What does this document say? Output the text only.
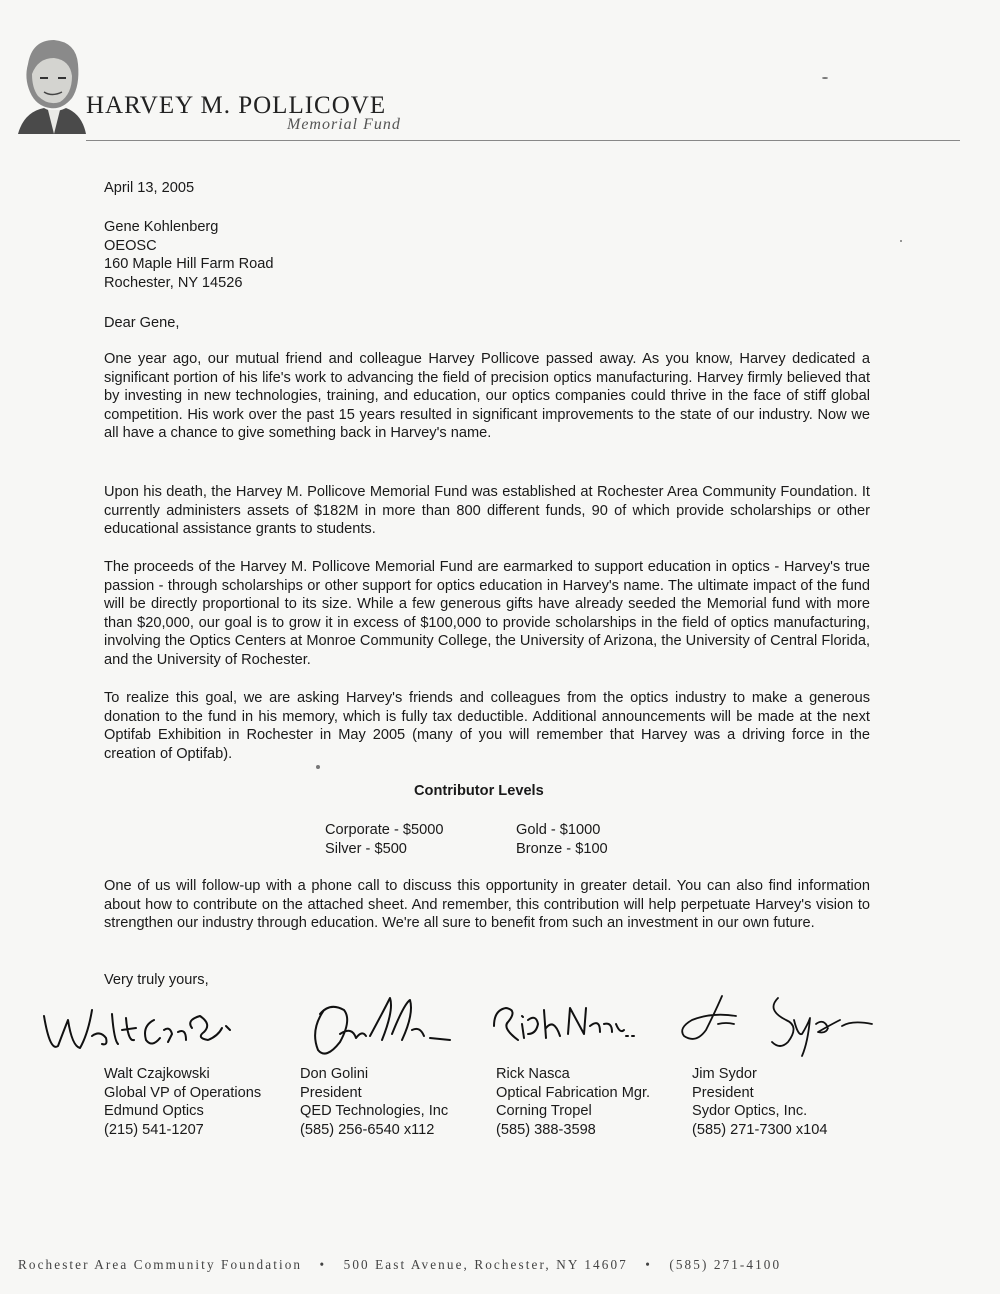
HARVEY M. POLLICOVE
Memorial Fund
April 13, 2005
Gene Kohlenberg
OEOSC
160 Maple Hill Farm Road
Rochester, NY 14526
Dear Gene,

One year ago, our mutual friend and colleague Harvey Pollicove passed away. As you know, Harvey dedicated a significant portion of his life's work to advancing the field of precision optics manufacturing. Harvey firmly believed that by investing in new technologies, training, and education, our optics companies could thrive in the face of stiff global competition. His work over the past 15 years resulted in significant improvements to the state of our industry. Now we all have a chance to give something back in Harvey's name.

Upon his death, the Harvey M. Pollicove Memorial Fund was established at Rochester Area Community Foundation. It currently administers assets of $182M in more than 800 different funds, 90 of which provide scholarships or other educational assistance grants to students.

The proceeds of the Harvey M. Pollicove Memorial Fund are earmarked to support education in optics - Harvey's true passion - through scholarships or other support for optics education in Harvey's name. The ultimate impact of the fund will be directly proportional to its size. While a few generous gifts have already seeded the Memorial fund with more than $20,000, our goal is to grow it in excess of $100,000 to provide scholarships in the field of optics manufacturing, involving the Optics Centers at Monroe Community College, the University of Arizona, the University of Central Florida, and the University of Rochester.

To realize this goal, we are asking Harvey's friends and colleagues from the optics industry to make a generous donation to the fund in his memory, which is fully tax deductible. Additional announcements will be made at the next Optifab Exhibition in Rochester in May 2005 (many of you will remember that Harvey was a driving force in the creation of Optifab).

Contributor Levels
Corporate - $5000	Gold - $1000
Silver - $500	Bronze - $100

One of us will follow-up with a phone call to discuss this opportunity in greater detail. You can also find information about how to contribute on the attached sheet. And remember, this contribution will help perpetuate Harvey's vision to strengthen our industry through education. We're all sure to benefit from such an investment in our own future.

Very truly yours,
Walt Czajkowski
Global VP of Operations
Edmund Optics
(215) 541-1207
Don Golini
President
QED Technologies, Inc
(585) 256-6540 x112
Rick Nasca
Optical Fabrication Mgr.
Corning Tropel
(585) 388-3598
Jim Sydor
President
Sydor Optics, Inc.
(585) 271-7300 x104
Rochester Area Community Foundation • 500 East Avenue, Rochester, NY 14607 • (585) 271-4100
